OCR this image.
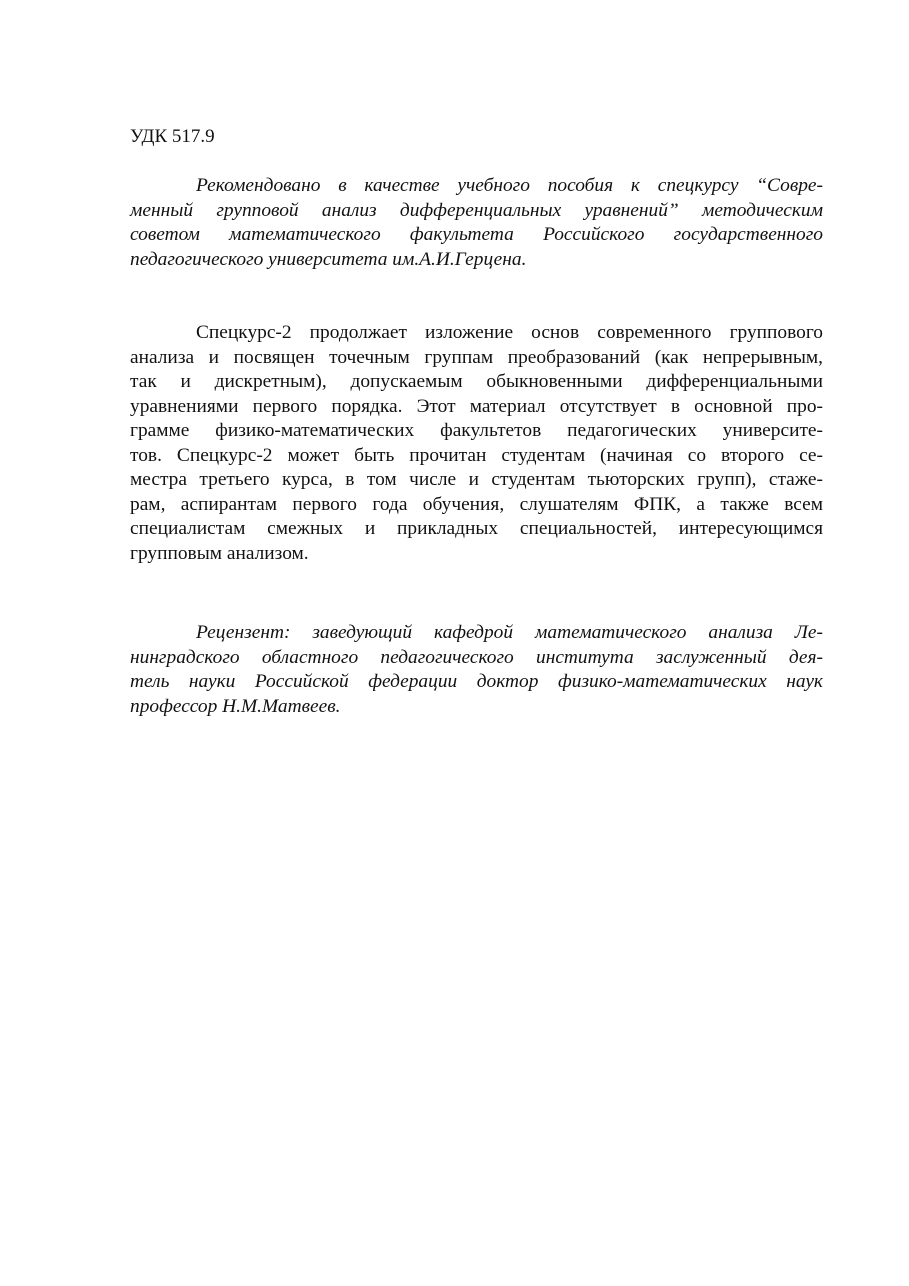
УДК 517.9

Рекомендовано в качестве учебного пособия к спецкурсу “Совре-
менный групповой анализ дифференциальных уравнений” методическим
советом математического факультета Российского государственного
педагогического университета им.А.И.Герцена.
Спецкурс-2 продолжает изложение основ современного группового
анализа и посвящен точечным группам преобразований (как непрерывным,
так и дискретным), допускаемым обыкновенными дифференциальными
уравнениями первого порядка. Этот материал отсутствует в основной про-
грамме физико-математических факультетов педагогических университе-
тов. Спецкурс-2 может быть прочитан студентам (начиная со второго се-
местра третьего курса, в том числе и студентам тьюторских групп), стаже-
рам, аспирантам первого года обучения, слушателям ФПК, а также всем
специалистам смежных и прикладных специальностей, интересующимся
групповым анализом.
Рецензент: заведующий кафедрой математического анализа Ле-
нинградского областного педагогического института заслуженный дея-
тель науки Российской федерации доктор физико-математических наук
профессор Н.М.Матвеев.
